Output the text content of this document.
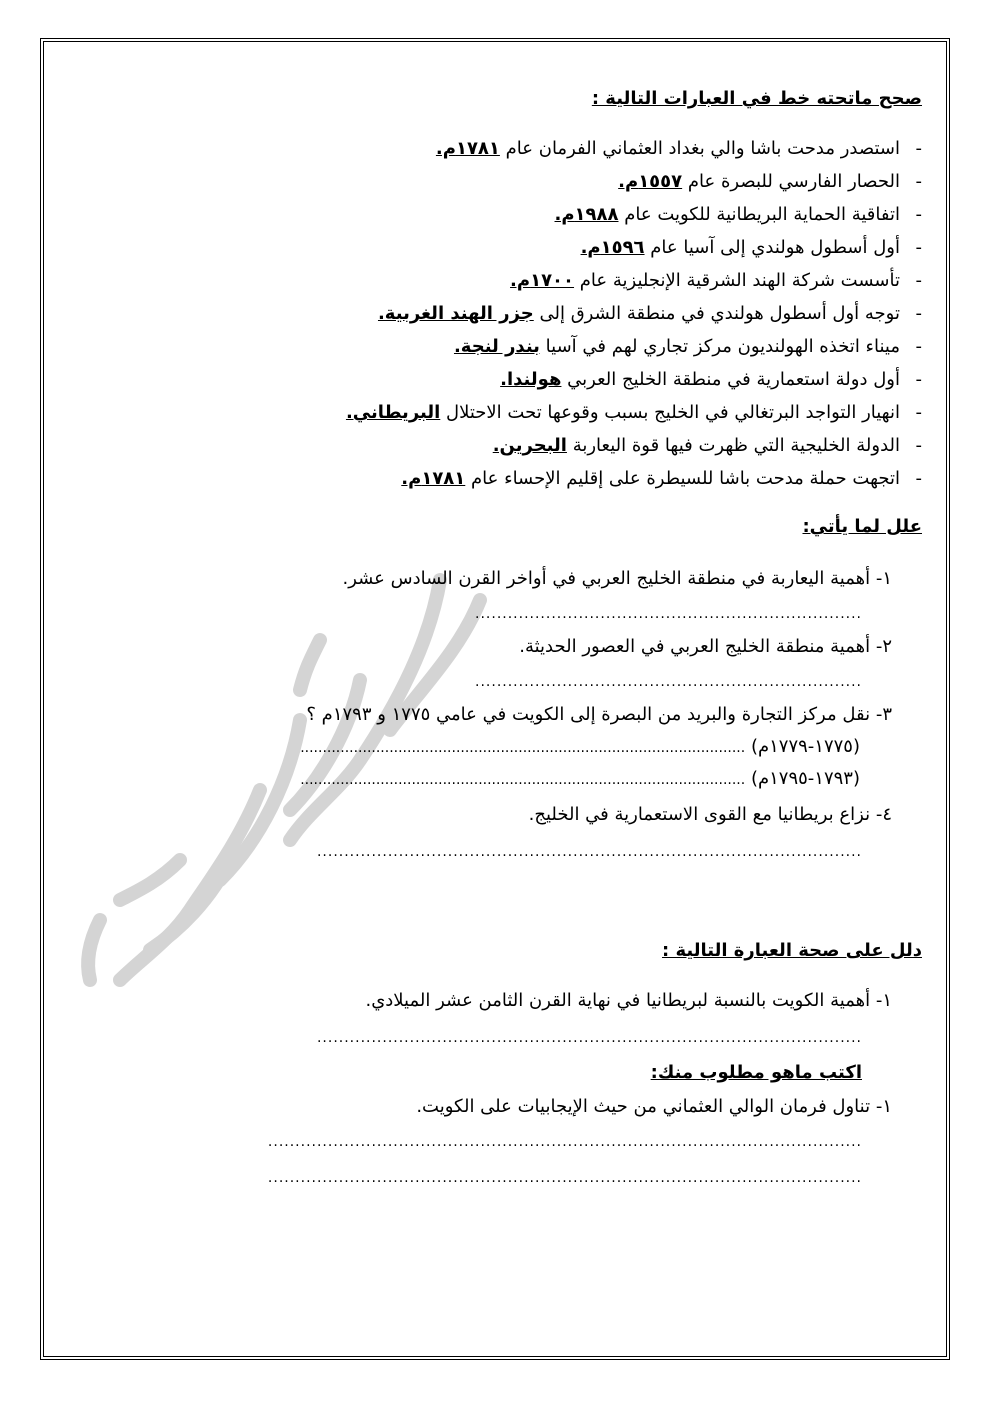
صحح ماتحته خط في العبارات التالية :
-استصدر مدحت باشا والي بغداد العثماني الفرمان عام ١٧٨١م.
-الحصار الفارسي للبصرة عام ١٥٥٧م.
-اتفاقية الحماية البريطانية للكويت عام ١٩٨٨م.
-أول أسطول هولندي إلى آسيا عام ١٥٩٦م.
-تأسست شركة الهند الشرقية الإنجليزية عام ١٧٠٠م.
-توجه أول أسطول هولندي في منطقة الشرق إلى جزر الهند الغربية.
-ميناء اتخذه الهولنديون مركز تجاري لهم في آسيا بندر لنجة.
-أول دولة استعمارية في منطقة الخليج العربي هولندا.
-انهيار التواجد البرتغالي في الخليج بسبب وقوعها تحت الاحتلال البريطاني.
-الدولة الخليجية التي ظهرت فيها قوة اليعاربة البحرين.
-اتجهت حملة مدحت باشا للسيطرة على إقليم الإحساء عام ١٧٨١م.
علل لما يأتي:
١- أهمية اليعاربة في منطقة الخليج العربي في أواخر القرن السادس عشر.
.......................................................................
٢- أهمية منطقة الخليج العربي في العصور الحديثة.
.......................................................................
٣- نقل مركز التجارة والبريد من البصرة إلى الكويت في عامي ١٧٧٥ و ١٧٩٣م ؟
(١٧٧٥-١٧٧٩م) ....................................................................................................
(١٧٩٣-١٧٩٥م) ....................................................................................................
٤- نزاع بريطانيا مع القوى الاستعمارية في الخليج.
....................................................................................................
دلل على صحة العبارة التالية :
١- أهمية الكويت بالنسبة لبريطانيا في نهاية القرن الثامن عشر الميلادي.
....................................................................................................
اكتب ماهو مطلوب منك:
١- تناول فرمان الوالي العثماني من حيث الإيجابيات على الكويت.
.............................................................................................................
.............................................................................................................
